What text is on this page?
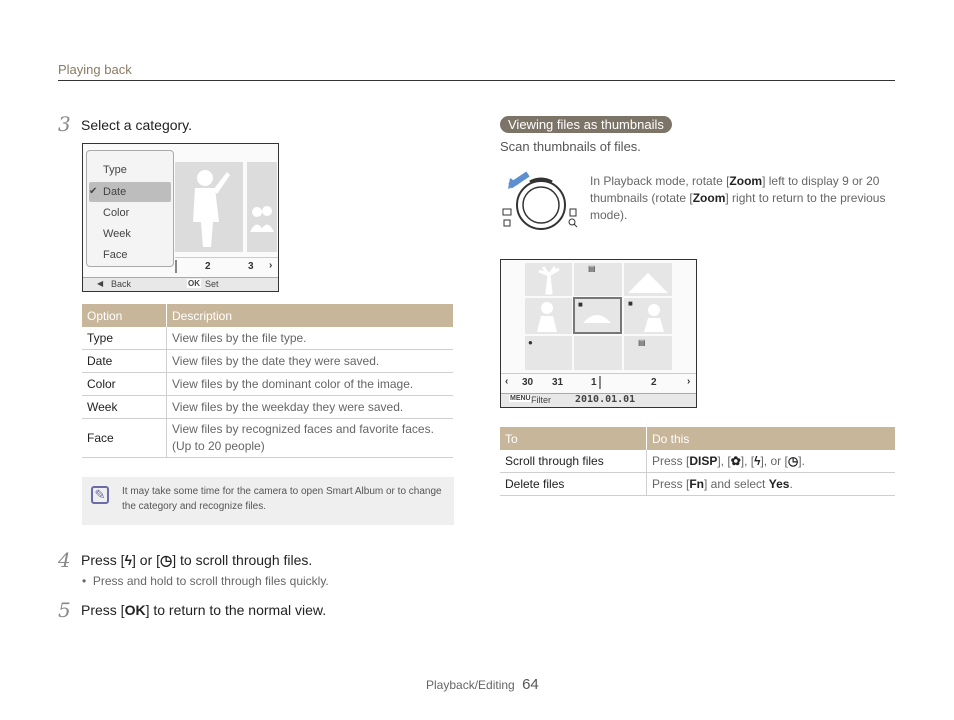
Playing back
3 Select a category.
2	3 ›
Type
✔ Date
Color
Week
Face
◀ Back	OK Set
Option	Description
Type	View files by the file type.
Date	View files by the date they were saved.
Color	View files by the dominant color of the image.
Week	View files by the weekday they were saved.
Face	View files by recognized faces and favorite faces. (Up to 20 people)
✎	It may take some time for the camera to open Smart Album or to change the category and recognize files.
4 Press [ϟ] or [◷] to scroll through files.
•  Press and hold to scroll through files quickly.
5 Press [OK] to return to the normal view.
Viewing files as thumbnails
Scan thumbnails of files.
In Playback mode, rotate [Zoom] left to display 9 or 20 thumbnails (rotate [Zoom] right to return to the previous mode).
▤
■	■
●	▤
‹ 30 31	1	2	›
MENU Filter 2010.01.01
To	Do this
Scroll through files	Press [DISP], [✿], [ϟ], or [◷].
Delete files	Press [Fn] and select Yes.
Playback/Editing 64
